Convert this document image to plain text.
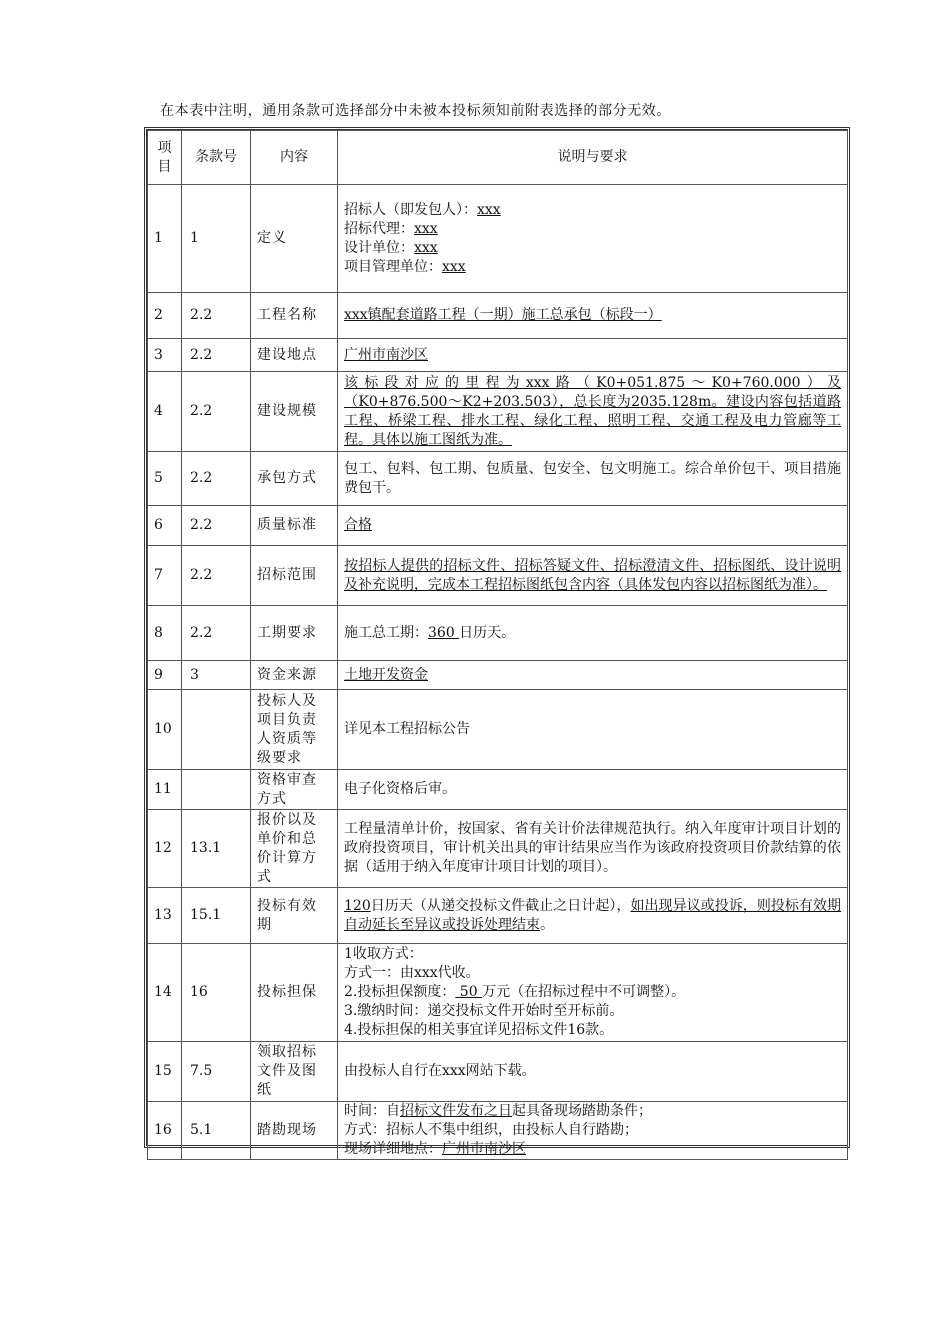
在本表中注明，通用条款可选择部分中未被本投标须知前附表选择的部分无效。
项目	条款号	内容	说明与要求
1	1	定义	招标人（即发包人）：xxx
招标代理：xxx
设计单位：xxx
项目管理单位：xxx

2	2.2	工程名称	xxx镇配套道路工程（一期）施工总承包（标段一）
3	2.2	建设地点	广州市南沙区
4	2.2	建设规模	该标段对应的里程为xxx路（K0+051.875～K0+760.000）及（K0+876.500～K2+203.503），总长度为2035.128m。建设内容包括道路工程、桥梁工程、排水工程、绿化工程、照明工程、交通工程及电力管廊等工程。具体以施工图纸为准。
5	2.2	承包方式	包工、包料、包工期、包质量、包安全、包文明施工。综合单价包干、项目措施费包干。
6	2.2	质量标准	合格
7	2.2	招标范围	按招标人提供的招标文件、招标答疑文件、招标澄清文件、招标图纸、设计说明及补充说明，完成本工程招标图纸包含内容（具体发包内容以招标图纸为准）。
8	2.2	工期要求	施工总工期：360 日历天。
9	3	资金来源	土地开发资金
10		投标人及项目负责人资质等级要求	详见本工程招标公告
11		资格审查方式	电子化资格后审。
12	13.1	报价以及单价和总价计算方式	工程量清单计价，按国家、省有关计价法律规范执行。纳入年度审计项目计划的政府投资项目，审计机关出具的审计结果应当作为该政府投资项目价款结算的依据（适用于纳入年度审计项目计划的项目）。
13	15.1	投标有效期	120日历天（从递交投标文件截止之日计起），如出现异议或投诉，则投标有效期自动延长至异议或投诉处理结束。
14	16	投标担保	1收取方式：
方式一：由xxx代收。
2.投标担保额度： 50 万元（在招标过程中不可调整）。
3.缴纳时间：递交投标文件开始时至开标前。
4.投标担保的相关事宜详见招标文件16款。

15	7.5	领取招标文件及图纸	由投标人自行在xxx网站下载。
16	5.1	踏勘现场	时间：自招标文件发布之日起具备现场踏勘条件；
方式：招标人不集中组织，由投标人自行踏勘；
现场详细地点：广州市南沙区
